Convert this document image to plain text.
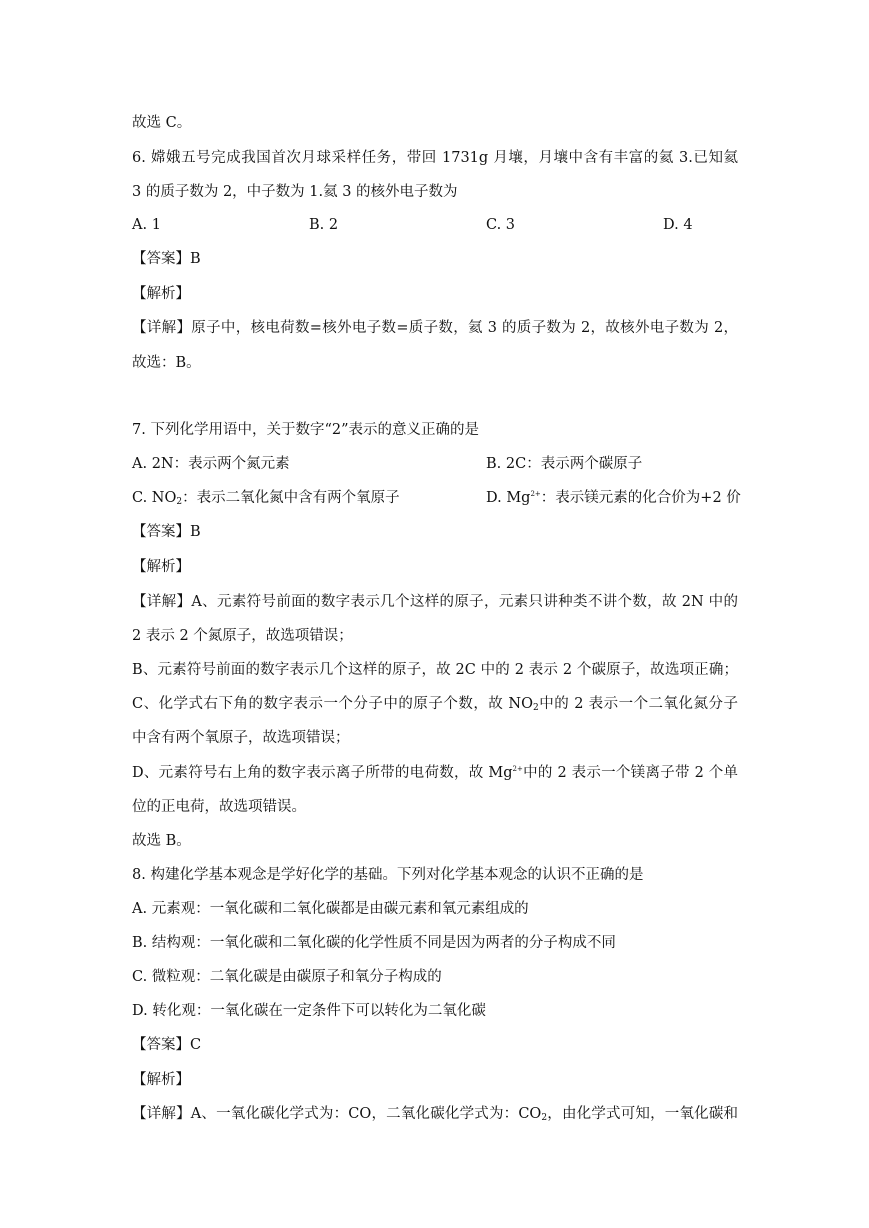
故选 C。
6. 嫦娥五号完成我国首次月球采样任务，带回 1731g 月壤，月壤中含有丰富的氦 3.已知氦
3 的质子数为 2，中子数为 1.氦 3 的核外电子数为
A. 1	B. 2	C. 3	D. 4
【答案】B
【解析】
【详解】原子中，核电荷数=核外电子数=质子数，氦 3 的质子数为 2，故核外电子数为 2，
故选：B。
7. 下列化学用语中，关于数字“2”表示的意义正确的是
A. 2N：表示两个氮元素	B. 2C：表示两个碳原子
C. $NO_2$：表示二氧化氮中含有两个氧原子	D. $Mg^{2+}$：表示镁元素的化合价为+2 价
【答案】B
【解析】
【详解】A、元素符号前面的数字表示几个这样的原子，元素只讲种类不讲个数，故 2N 中的
2 表示 2 个氮原子，故选项错误；
B、元素符号前面的数字表示几个这样的原子，故 2C 中的 2 表示 2 个碳原子，故选项正确；
C、化学式右下角的数字表示一个分子中的原子个数，故 $NO_2$中的 2 表示一个二氧化氮分子
中含有两个氧原子，故选项错误；
D、元素符号右上角的数字表示离子所带的电荷数，故 $Mg^{2+}$中的 2 表示一个镁离子带 2 个单
位的正电荷，故选项错误。
故选 B。
8. 构建化学基本观念是学好化学的基础。下列对化学基本观念的认识不正确的是
A. 元素观：一氧化碳和二氧化碳都是由碳元素和氧元素组成的
B. 结构观：一氧化碳和二氧化碳的化学性质不同是因为两者的分子构成不同
C. 微粒观：二氧化碳是由碳原子和氧分子构成的
D. 转化观：一氧化碳在一定条件下可以转化为二氧化碳
【答案】C
【解析】
【详解】A、一氧化碳化学式为：CO，二氧化碳化学式为：$CO_2$，由化学式可知，一氧化碳和
